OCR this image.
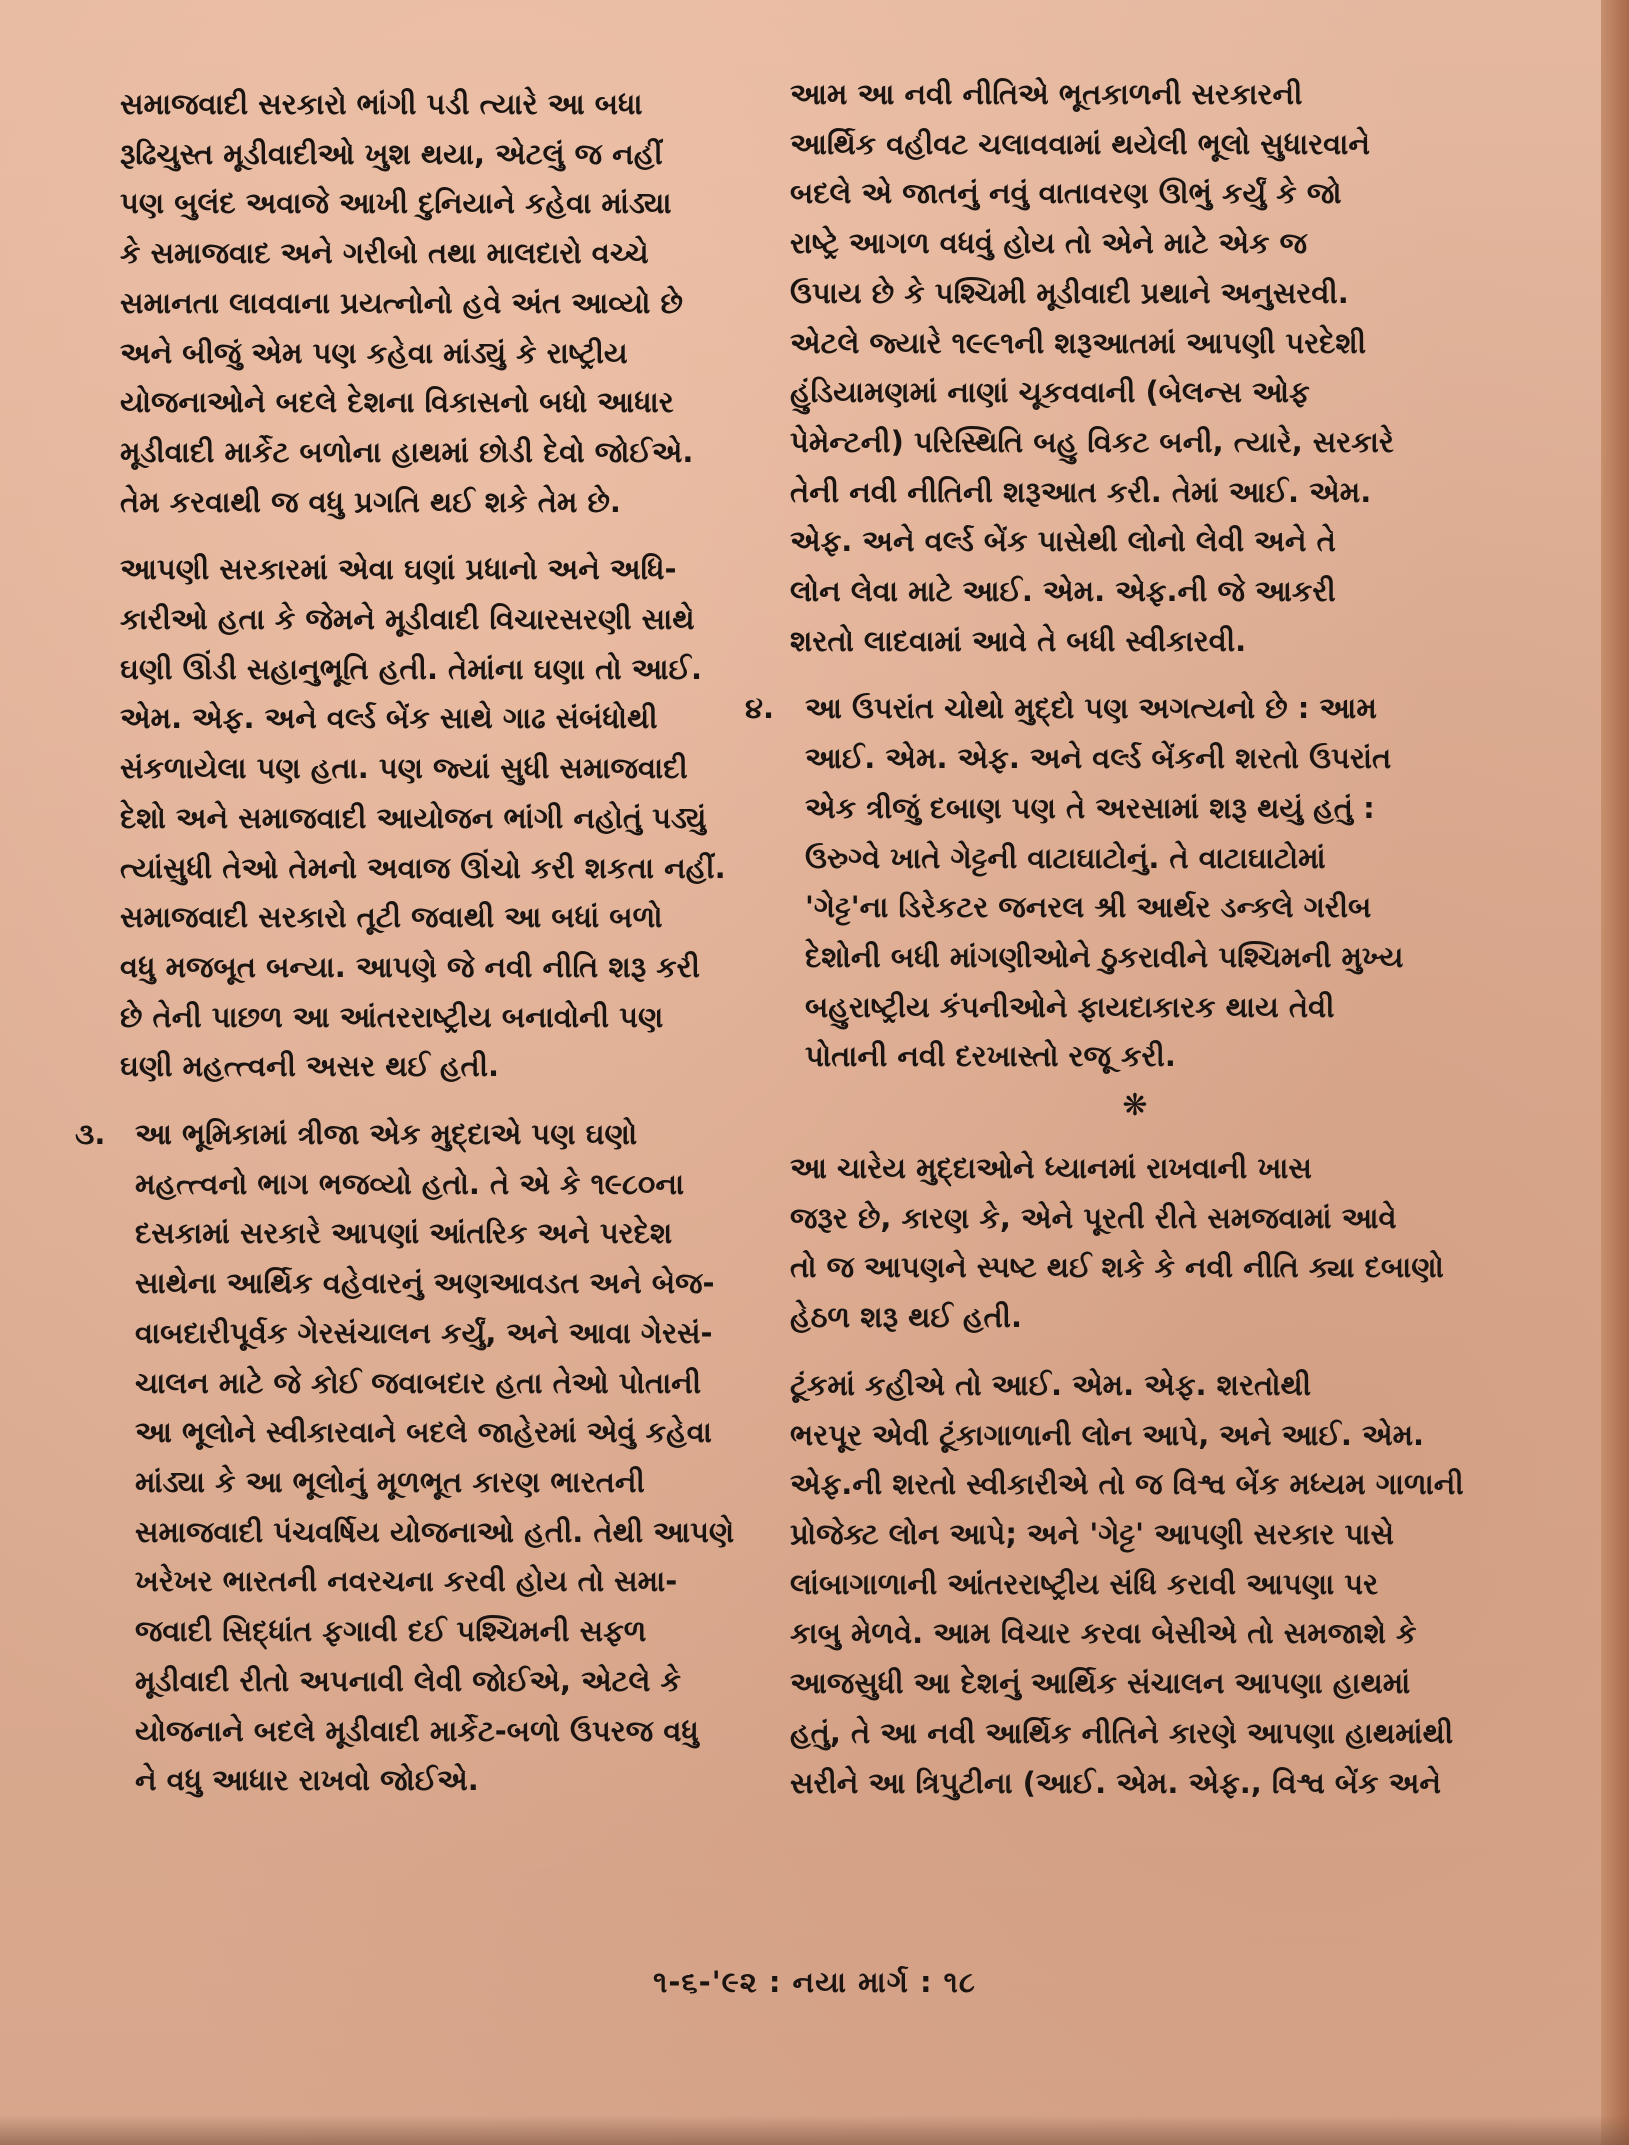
સમાજવાદી સરકારો ભાંગી પડી ત્યારે આ બધા
રૂઢિચુસ્ત મૂડીવાદીઓ ખુશ થયા, એટલું જ નહીં
પણ બુલંદ અવાજે આખી દુનિયાને કહેવા માંડ્યા
કે સમાજવાદ અને ગરીબો તથા માલદારો વચ્ચે
સમાનતા લાવવાના પ્રયત્નોનો હવે અંત આવ્યો છે
અને બીજું એમ પણ કહેવા માંડ્યું કે રાષ્ટ્રીય
યોજનાઓને બદલે દેશના વિકાસનો બધો આધાર
મૂડીવાદી માર્કેટ બળોના હાથમાં છોડી દેવો જોઈએ.
તેમ કરવાથી જ વધુ પ્રગતિ થઈ શકે તેમ છે.

આપણી સરકારમાં એવા ઘણાં પ્રધાનો અને અધિ-
કારીઓ હતા કે જેમને મૂડીવાદી વિચારસરણી સાથે
ઘણી ઊંડી સહાનુભૂતિ હતી. તેમાંના ઘણા તો આઈ.
એમ. એફ. અને વર્લ્ડ બેંક સાથે ગાઢ સંબંધોથી
સંકળાયેલા પણ હતા. પણ જ્યાં સુધી સમાજવાદી
દેશો અને સમાજવાદી આયોજન ભાંગી નહોતું પડ્યું
ત્યાંસુધી તેઓ તેમનો અવાજ ઊંચો કરી શકતા નહીં.
સમાજવાદી સરકારો તૂટી જવાથી આ બધાં બળો
વધુ મજબૂત બન્યા. આપણે જે નવી નીતિ શરૂ કરી
છે તેની પાછળ આ આંતરરાષ્ટ્રીય બનાવોની પણ
ઘણી મહત્ત્વની અસર થઈ હતી.

૩.	આ ભૂમિકામાં ત્રીજા એક મુદ્દાએ પણ ઘણો
મહત્ત્વનો ભાગ ભજવ્યો હતો. તે એ કે ૧૯૮૦ના
દસકામાં સરકારે આપણાં આંતરિક અને પરદેશ
સાથેના આર્થિક વહેવારનું અણઆવડત અને બેજ-
વાબદારીપૂર્વક ગેરસંચાલન કર્યું, અને આવા ગેરસં-
ચાલન માટે જે કોઈ જવાબદાર હતા તેઓ પોતાની
આ ભૂલોને સ્વીકારવાને બદલે જાહેરમાં એવું કહેવા
માંડ્યા કે આ ભૂલોનું મૂળભૂત કારણ ભારતની
સમાજવાદી પંચવર્ષિય યોજનાઓ હતી. તેથી આપણે
ખરેખર ભારતની નવરચના કરવી હોય તો સમા-
જવાદી સિદ્ધાંત ફગાવી દઈ પશ્ચિમની સફળ
મૂડીવાદી રીતો અપનાવી લેવી જોઈએ, એટલે કે
યોજનાને બદલે મૂડીવાદી માર્કેટ-બળો ઉપરજ વધુ
ને વધુ આધાર રાખવો જોઈએ.

આમ આ નવી નીતિએ ભૂતકાળની સરકારની
આર્થિક વહીવટ ચલાવવામાં થયેલી ભૂલો સુધારવાને
બદલે એ જાતનું નવું વાતાવરણ ઊભું કર્યું કે જો
રાષ્ટ્રે આગળ વધવું હોય તો એને માટે એક જ
ઉપાય છે કે પશ્ચિમી મૂડીવાદી પ્રથાને અનુસરવી.
એટલે જ્યારે ૧૯૯૧ની શરૂઆતમાં આપણી પરદેશી
હુંડિયામણમાં નાણાં ચૂકવવાની (બેલન્સ ઓફ
પેમેન્ટની) પરિસ્થિતિ બહુ વિકટ બની, ત્યારે, સરકારે
તેની નવી નીતિની શરૂઆત કરી. તેમાં આઈ. એમ.
એફ. અને વર્લ્ડ બેંક પાસેથી લોનો લેવી અને તે
લોન લેવા માટે આઈ. એમ. એફ.ની જે આકરી
શરતો લાદવામાં આવે તે બધી સ્વીકારવી.

૪.	આ ઉપરાંત ચોથો મુદ્દો પણ અગત્યનો છે : આમ
આઈ. એમ. એફ. અને વર્લ્ડ બેંકની શરતો ઉપરાંત
એક ત્રીજું દબાણ પણ તે અરસામાં શરૂ થયું હતું :
ઉરુગ્વે ખાતે ગેટ્ટની વાટાઘાટોનું. તે વાટાઘાટોમાં
'ગેટ્ટ'ના ડિરેકટર જનરલ શ્રી આર્થર ડન્કલે ગરીબ
દેશોની બધી માંગણીઓને ઠુકરાવીને પશ્ચિમની મુખ્ય
બહુરાષ્ટ્રીય કંપનીઓને ફાયદાકારક થાય તેવી
પોતાની નવી દરખાસ્તો રજૂ કરી.

❋

આ ચારેય મુદ્દાઓને ધ્યાનમાં રાખવાની ખાસ
જરૂર છે, કારણ કે, એને પૂરતી રીતે સમજવામાં આવે
તો જ આપણને સ્પષ્ટ થઈ શકે કે નવી નીતિ ક્યા દબાણો
હેઠળ શરૂ થઈ હતી.

ટૂંકમાં કહીએ તો આઈ. એમ. એફ. શરતોથી
ભરપૂર એવી ટૂંકાગાળાની લોન આપે, અને આઈ. એમ.
એફ.ની શરતો સ્વીકારીએ તો જ વિશ્વ બેંક મધ્યમ ગાળાની
પ્રોજેક્ટ લોન આપે; અને 'ગેટ્ટ' આપણી સરકાર પાસે
લાંબાગાળાની આંતરરાષ્ટ્રીય સંધિ કરાવી આપણા પર
કાબુ મેળવે. આમ વિચાર કરવા બેસીએ તો સમજાશે કે
આજસુધી આ દેશનું આર્થિક સંચાલન આપણા હાથમાં
હતું, તે આ નવી આર્થિક નીતિને કારણે આપણા હાથમાંથી
સરીને આ ત્રિપુટીના (આઈ. એમ. એફ., વિશ્વ બેંક અને

૧-૬-'૯૨ : નયા માર્ગ : ૧૮
